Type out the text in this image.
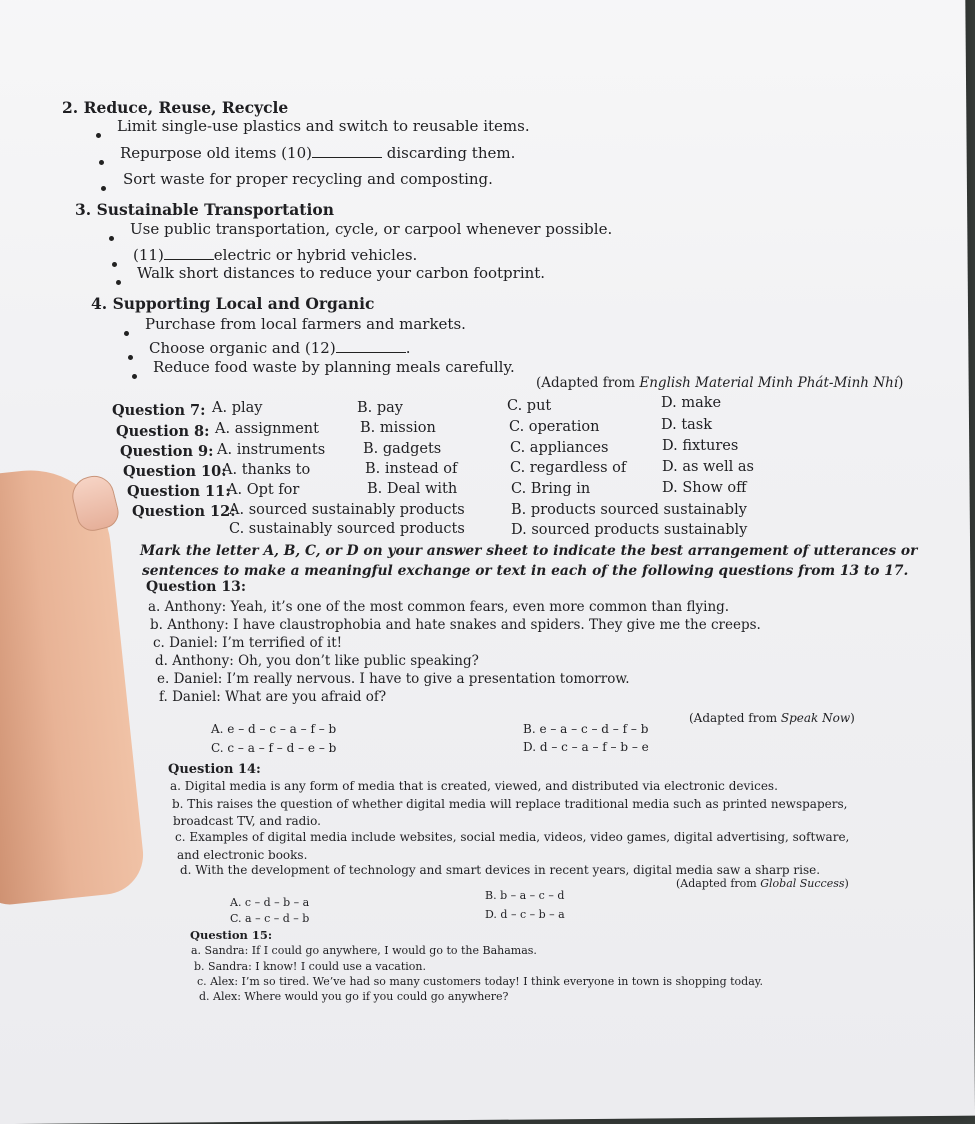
2. Reduce, Reuse, Recycle
Limit single-use plastics and switch to reusable items.
Repurpose old items (10)	discarding them.
Sort waste for proper recycling and composting.
3. Sustainable Transportation
Use public transportation, cycle, or carpool whenever possible.
(11)	electric or hybrid vehicles.
Walk short distances to reduce your carbon footprint.
4. Supporting Local and Organic
Purchase from local farmers and markets.
Choose organic and (12)	.
Reduce food waste by planning meals carefully.
(Adapted from English Material Minh Phát-Minh Nhí)
Question 7: A. play	B. pay	C. put	D. make
Question 8: A. assignment	B. mission	C. operation	D. task
Question 9: A. instruments	B. gadgets	C. appliances	D. fixtures
Question 10:
A. thanks to	B. instead of	C. regardless of D. as well as
Question 11:
A. Opt for	B. Deal with	C. Bring in	D. Show off
Question 12:
A. sourced sustainably products	B. products sourced sustainably
C. sustainably sourced products	D. sourced products sustainably
Mark the letter A, B, C, or D on your answer sheet to indicate the best arrangement of utterances or
sentences to make a meaningful exchange or text in each of the following questions from 13 to 17.
Question 13:
a. Anthony: Yeah, it’s one of the most common fears, even more common than flying.
b. Anthony: I have claustrophobia and hate snakes and spiders. They give me the creeps.
c. Daniel: I’m terrified of it!
d. Anthony: Oh, you don’t like public speaking?
e. Daniel: I’m really nervous. I have to give a presentation tomorrow.
f. Daniel: What are you afraid of?
(Adapted from Speak Now)
A. e – d – c – a – f – b	B. e – a – c – d – f – b
C. c – a – f – d – e – b	D. d – c – a – f – b – e
Question 14:
a. Digital media is any form of media that is created, viewed, and distributed via electronic devices.
b. This raises the question of whether digital media will replace traditional media such as printed newspapers,
broadcast TV, and radio.
c. Examples of digital media include websites, social media, videos, video games, digital advertising, software,
and electronic books.
d. With the development of technology and smart devices in recent years, digital media saw a sharp rise.
(Adapted from Global Success)
A. c – d – b – a
B. b – a – c – d
C. a – c – d – b	D. d – c – b – a
Question 15:
a. Sandra: If I could go anywhere, I would go to the Bahamas.
b. Sandra: I know! I could use a vacation.
c. Alex: I’m so tired. We’ve had so many customers today! I think everyone in town is shopping today.
d. Alex: Where would you go if you could go anywhere?
